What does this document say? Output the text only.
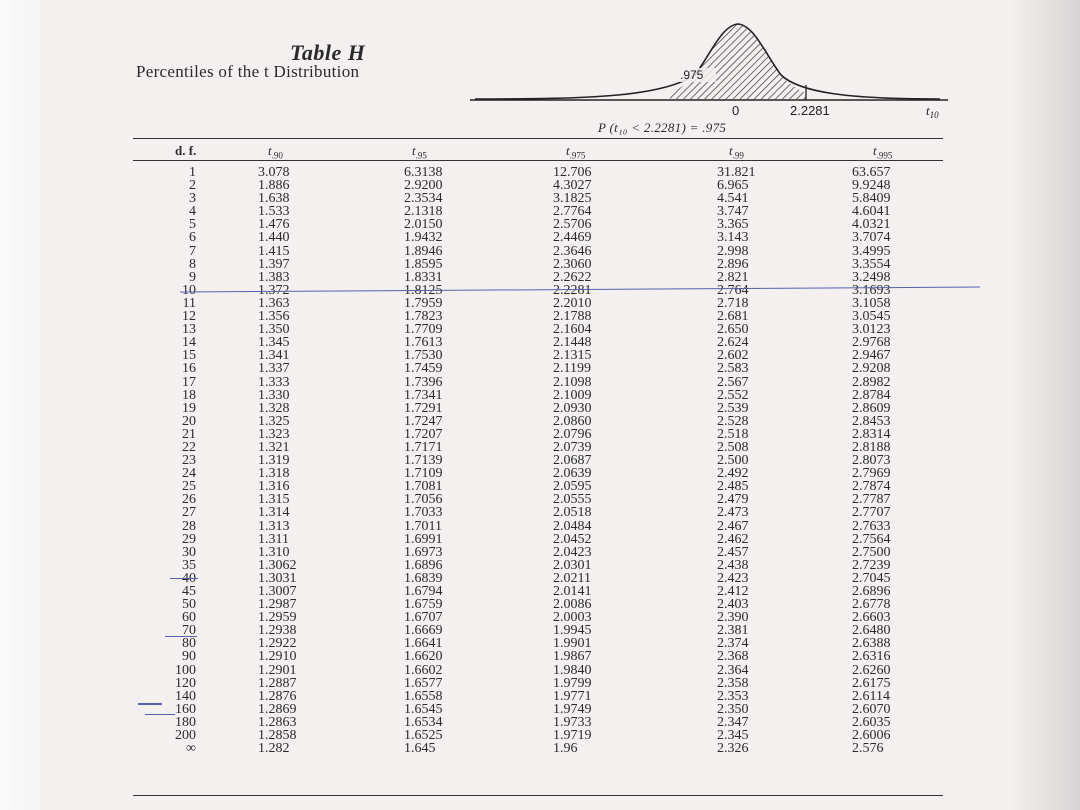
Table H
Percentiles of the t Distribution	.975
0	2.2281	$t_{10}$
P (t₁₀ < 2.2281) = .975
d. f.	$t_{.90}$	$t_{.95}$	$t_{.975}$	$t_{.99}$	$t_{.995}$
1	3.078	6.3138	12.706	31.821	63.657
2	1.886	2.9200	4.3027	6.965	9.9248
3	1.638	2.3534	3.1825	4.541	5.8409
4	1.533	2.1318	2.7764	3.747	4.6041
5	1.476	2.0150	2.5706	3.365	4.0321
6	1.440	1.9432	2.4469	3.143	3.7074
7	1.415	1.8946	2.3646	2.998	3.4995
8	1.397	1.8595	2.3060	2.896	3.3554
9	1.383	1.8331	2.2622	2.821	3.2498
10	1.372	1.8125	2.2281	2.764	3.1693
11	1.363	1.7959	2.2010	2.718	3.1058
12	1.356	1.7823	2.1788	2.681	3.0545
13	1.350	1.7709	2.1604	2.650	3.0123
14	1.345	1.7613	2.1448	2.624	2.9768
15	1.341	1.7530	2.1315	2.602	2.9467
16	1.337	1.7459	2.1199	2.583	2.9208
17	1.333	1.7396	2.1098	2.567	2.8982
18	1.330	1.7341	2.1009	2.552	2.8784
19	1.328	1.7291	2.0930	2.539	2.8609
20	1.325	1.7247	2.0860	2.528	2.8453
21	1.323	1.7207	2.0796	2.518	2.8314
22	1.321	1.7171	2.0739	2.508	2.8188
23	1.319	1.7139	2.0687	2.500	2.8073
24	1.318	1.7109	2.0639	2.492	2.7969
25	1.316	1.7081	2.0595	2.485	2.7874
26	1.315	1.7056	2.0555	2.479	2.7787
27	1.314	1.7033	2.0518	2.473	2.7707
28	1.313	1.7011	2.0484	2.467	2.7633
29	1.311	1.6991	2.0452	2.462	2.7564
30	1.310	1.6973	2.0423	2.457	2.7500
35	1.3062	1.6896	2.0301	2.438	2.7239
40	1.3031	1.6839	2.0211	2.423	2.7045
45	1.3007	1.6794	2.0141	2.412	2.6896
50	1.2987	1.6759	2.0086	2.403	2.6778
60	1.2959	1.6707	2.0003	2.390	2.6603
70	1.2938	1.6669	1.9945	2.381	2.6480
80	1.2922	1.6641	1.9901	2.374	2.6388
90	1.2910	1.6620	1.9867	2.368	2.6316
100	1.2901	1.6602	1.9840	2.364	2.6260
120	1.2887	1.6577	1.9799	2.358	2.6175
140	1.2876	1.6558	1.9771	2.353	2.6114
160	1.2869	1.6545	1.9749	2.350	2.6070
180	1.2863	1.6534	1.9733	2.347	2.6035
200	1.2858	1.6525	1.9719	2.345	2.6006
∞	1.282	1.645	1.96	2.326	2.576
